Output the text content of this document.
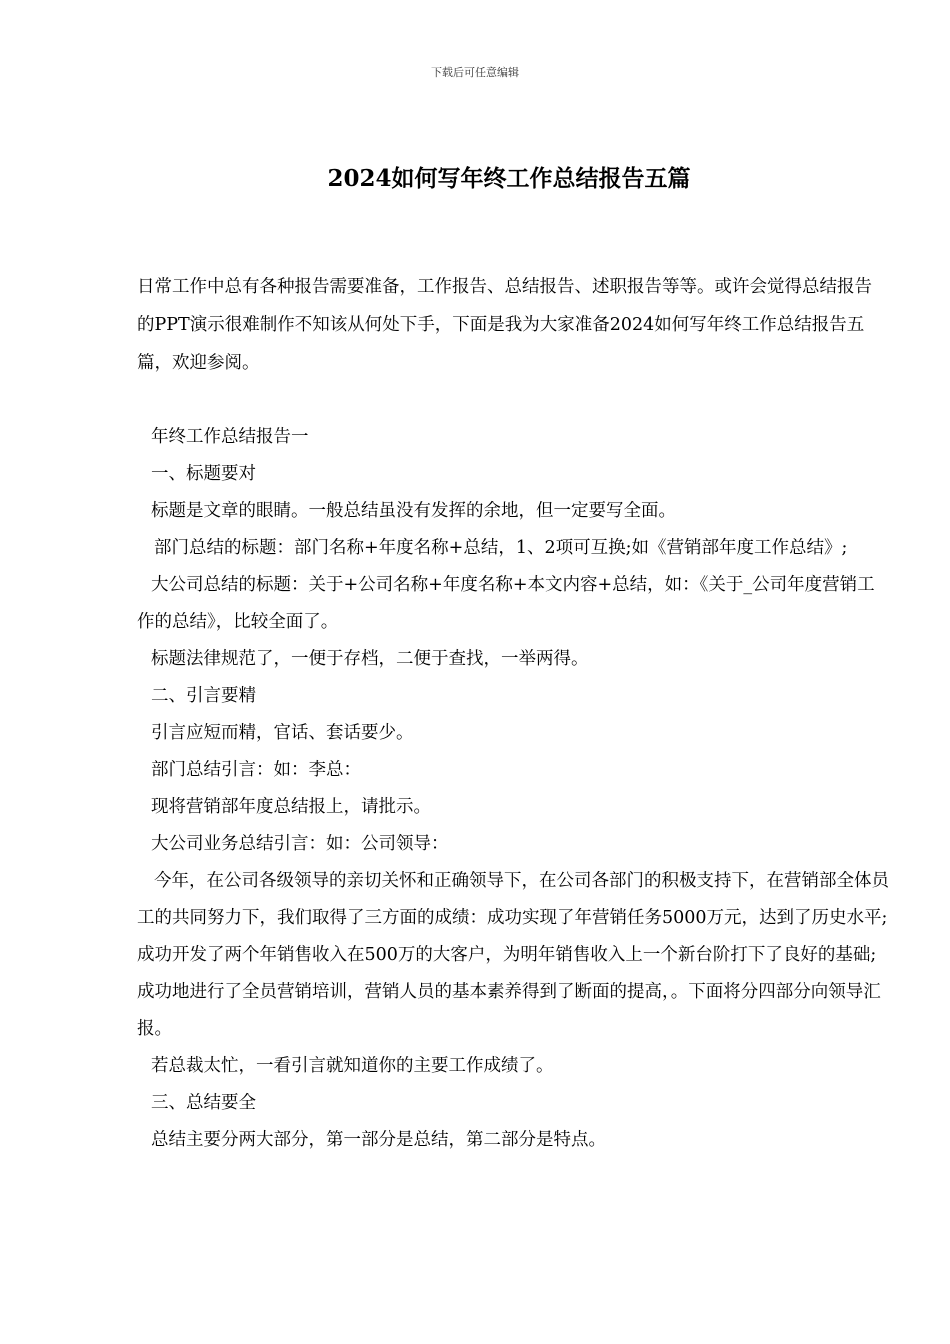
下载后可任意编辑
2024如何写年终工作总结报告五篇

日常工作中总有各种报告需要准备，工作报告、总结报告、述职报告等等。或许会觉得总结报告的PPT演示很难制作不知该从何处下手，下面是我为大家准备2024如何写年终工作总结报告五篇，欢迎参阅。

年终工作总结报告一

一、标题要对

标题是文章的眼睛。一般总结虽没有发挥的余地，但一定要写全面。

部门总结的标题：部门名称+年度名称+总结，1、2项可互换;如《营销部年度工作总结》;

大公司总结的标题：关于+公司名称+年度名称+本文内容+总结，如：《关于_公司年度营销工作的总结》，比较全面了。

标题法律规范了，一便于存档，二便于查找，一举两得。

二、引言要精

引言应短而精，官话、套话要少。

部门总结引言：如：李总：

现将营销部年度总结报上，请批示。

大公司业务总结引言：如：公司领导：

今年，在公司各级领导的亲切关怀和正确领导下，在公司各部门的积极支持下，在营销部全体员工的共同努力下，我们取得了三方面的成绩：成功实现了年营销任务5000万元，达到了历史水平;成功开发了两个年销售收入在500万的大客户，为明年销售收入上一个新台阶打下了良好的基础;成功地进行了全员营销培训，营销人员的基本素养得到了断面的提高，。下面将分四部分向领导汇报。

若总裁太忙，一看引言就知道你的主要工作成绩了。

三、总结要全

总结主要分两大部分，第一部分是总结，第二部分是特点。
